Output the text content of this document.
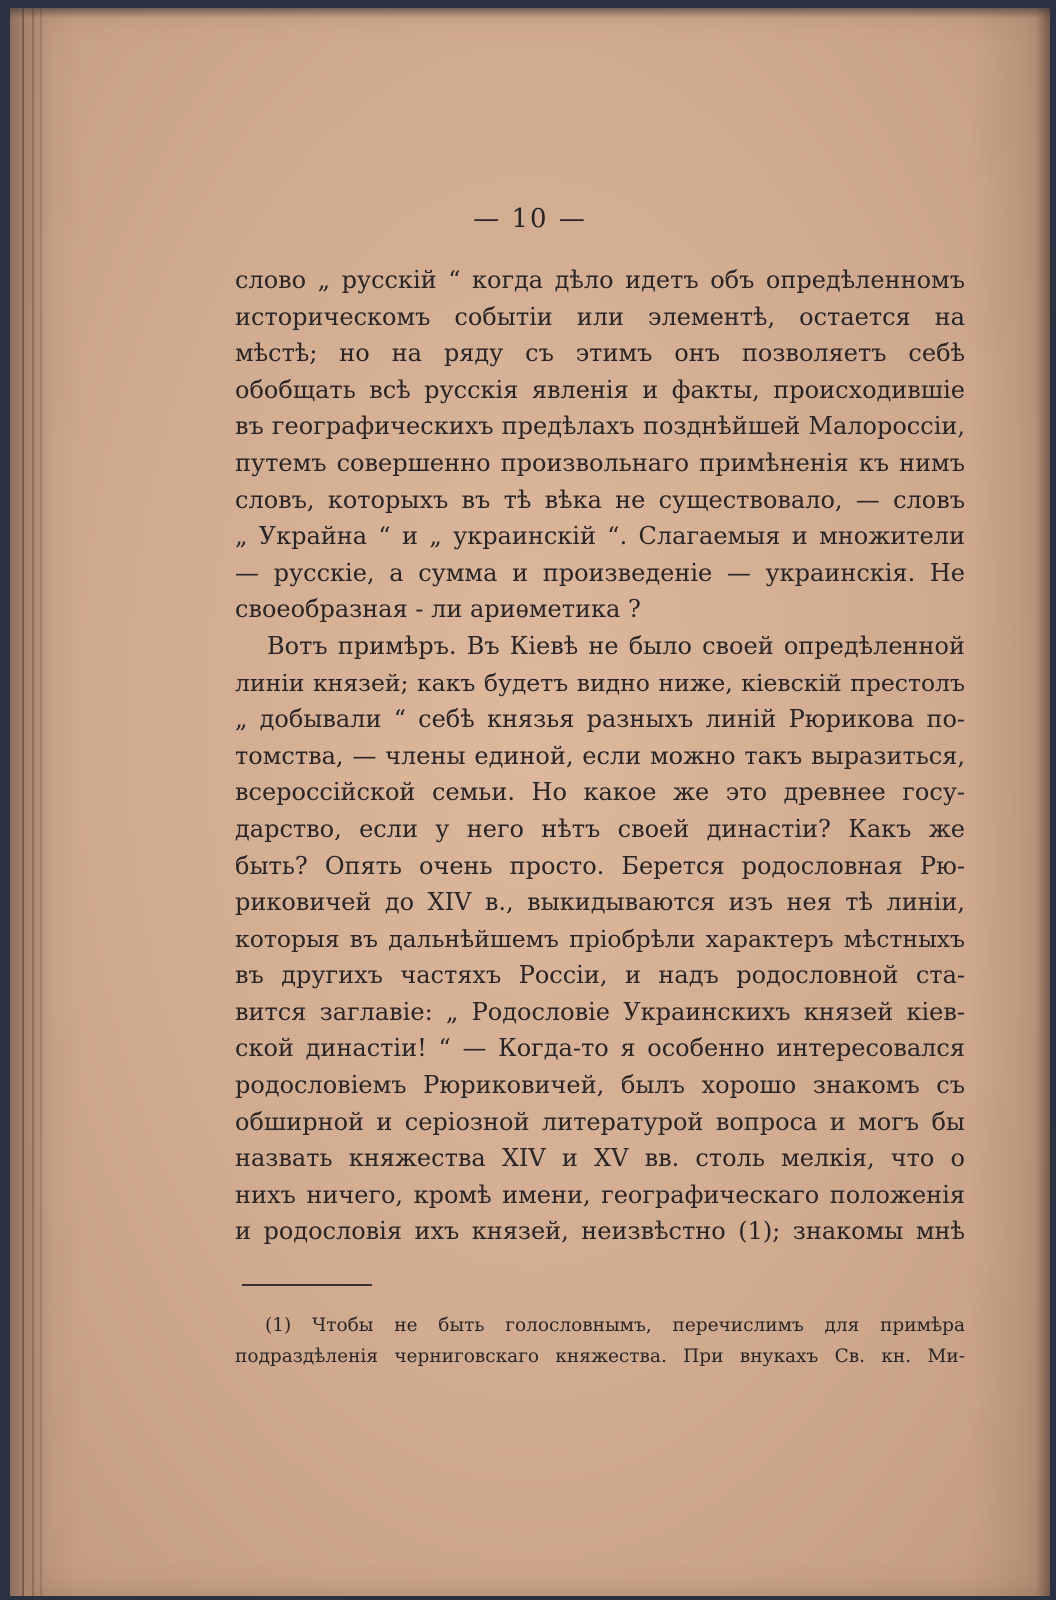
— 10 —
слово „ русскій “ когда дѣло идетъ объ опредѣленномъ
историческомъ событіи или элементѣ, остается на
мѣстѣ; но на ряду съ этимъ онъ позволяетъ себѣ
обобщать всѣ русскія явленія и факты, происходившіе
въ географическихъ предѣлахъ позднѣйшей Малороссіи,
путемъ совершенно произвольнаго примѣненія къ нимъ
словъ, которыхъ въ тѣ вѣка не существовало, — словъ
„ Украйна “ и „ украинскій “. Слагаемыя и множители
— русскіе, а сумма и произведеніе — украинскія. Не
своеобразная - ли ариѳметика ?
Вотъ примѣръ. Въ Кіевѣ не было своей опредѣленной
линіи князей; какъ будетъ видно ниже, кіевскій престолъ
„ добывали “ себѣ князья разныхъ линій Рюрикова по-
томства, — члены единой, если можно такъ выразиться,
всероссійской семьи. Но какое же это древнее госу-
дарство, если у него нѣтъ своей династіи? Какъ же
быть? Опять очень просто. Берется родословная Рю-
риковичей до XIV в., выкидываются изъ нея тѣ линіи,
которыя въ дальнѣйшемъ пріобрѣли характеръ мѣстныхъ
въ другихъ частяхъ Россіи, и надъ родословной ста-
вится заглавіе: „ Родословіе Украинскихъ князей кіев-
ской династіи! “ — Когда-то я особенно интересовался
родословіемъ Рюриковичей, былъ хорошо знакомъ съ
обширной и серіозной литературой вопроса и могъ бы
назвать княжества XIV и XV вв. столь мелкія, что о
нихъ ничего, кромѣ имени, географическаго положенія
и родословія ихъ князей, неизвѣстно (1); знакомы мнѣ
(1) Чтобы не быть голословнымъ, перечислимъ для примѣра
подраздѣленія черниговскаго княжества. При внукахъ Св. кн. Ми-
